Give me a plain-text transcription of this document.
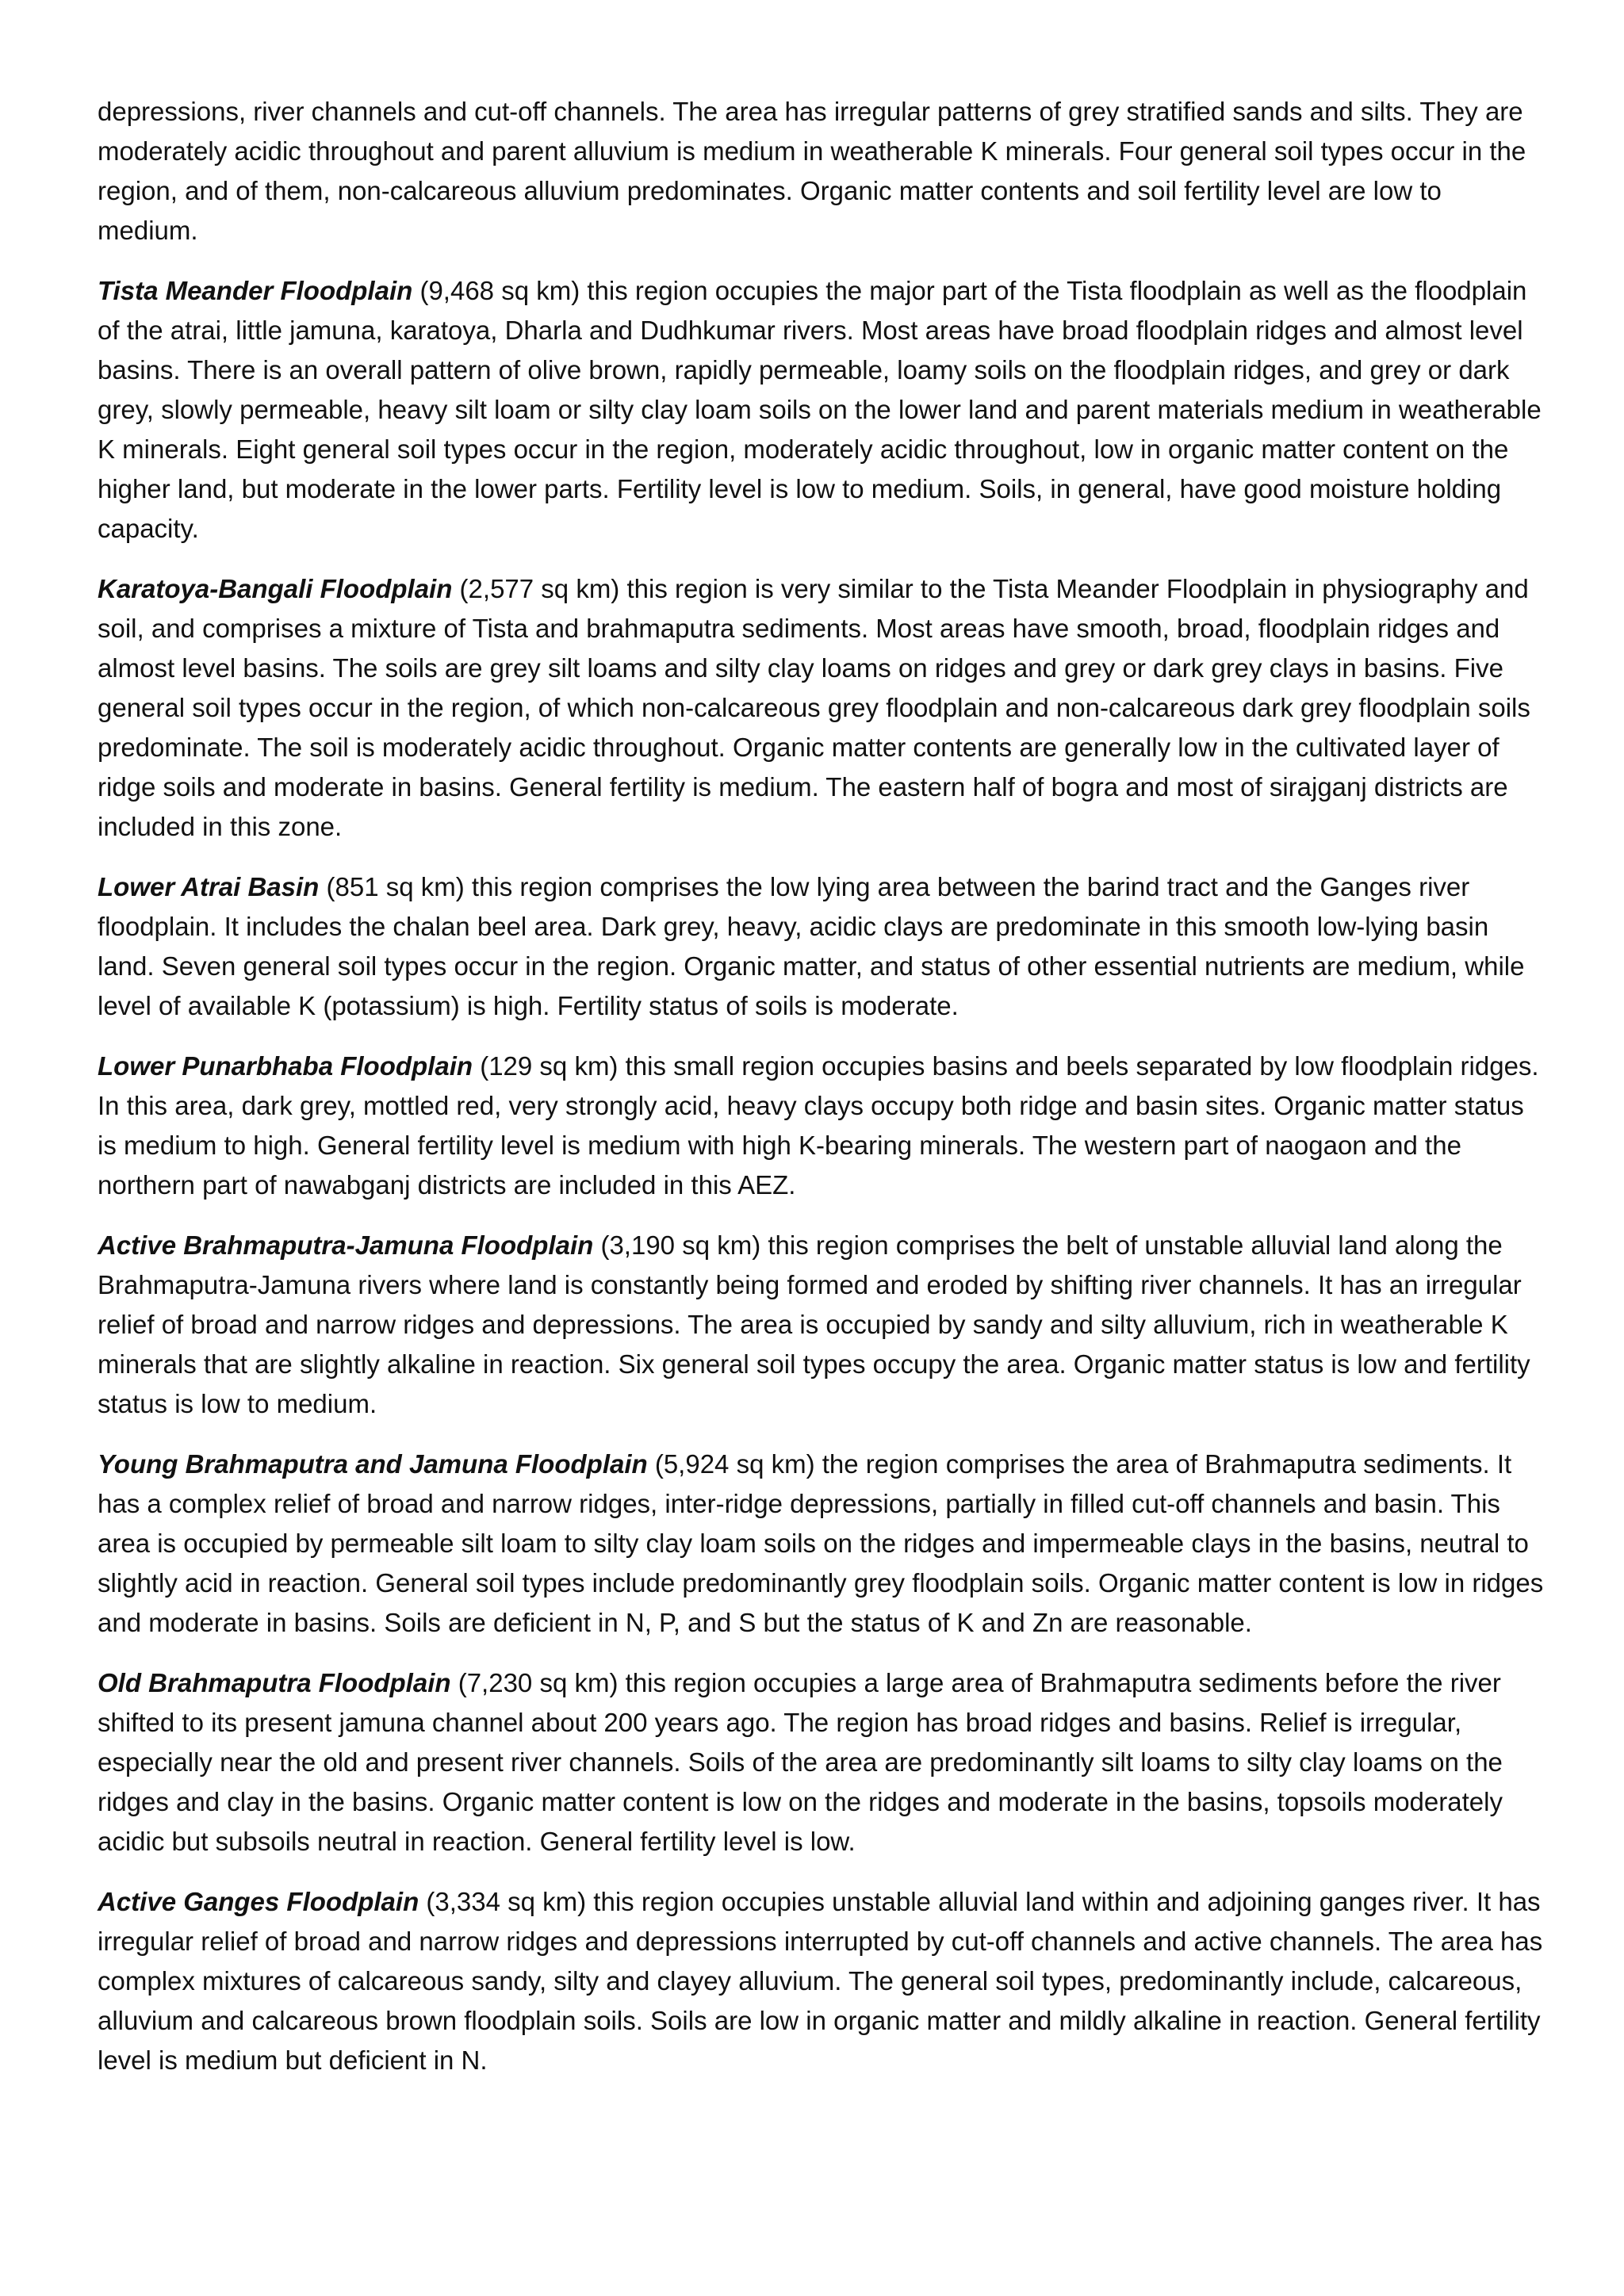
depressions, river channels and cut-off channels. The area has irregular patterns of grey stratified sands and silts. They are moderately acidic throughout and parent alluvium is medium in weatherable K minerals. Four general soil types occur in the region, and of them, non-calcareous alluvium predominates. Organic matter contents and soil fertility level are low to medium.

Tista Meander Floodplain (9,468 sq km) this region occupies the major part of the Tista floodplain as well as the floodplain of the atrai, little jamuna, karatoya, Dharla and Dudhkumar rivers. Most areas have broad floodplain ridges and almost level basins. There is an overall pattern of olive brown, rapidly permeable, loamy soils on the floodplain ridges, and grey or dark grey, slowly permeable, heavy silt loam or silty clay loam soils on the lower land and parent materials medium in weatherable K minerals. Eight general soil types occur in the region, moderately acidic throughout, low in organic matter content on the higher land, but moderate in the lower parts. Fertility level is low to medium. Soils, in general, have good moisture holding capacity.

Karatoya-Bangali Floodplain (2,577 sq km) this region is very similar to the Tista Meander Floodplain in physiography and soil, and comprises a mixture of Tista and brahmaputra sediments. Most areas have smooth, broad, floodplain ridges and almost level basins. The soils are grey silt loams and silty clay loams on ridges and grey or dark grey clays in basins. Five general soil types occur in the region, of which non-calcareous grey floodplain and non-calcareous dark grey floodplain soils predominate. The soil is moderately acidic throughout. Organic matter contents are generally low in the cultivated layer of ridge soils and moderate in basins. General fertility is medium. The eastern half of bogra and most of sirajganj districts are included in this zone.

Lower Atrai Basin (851 sq km) this region comprises the low lying area between the barind tract and the Ganges river floodplain. It includes the chalan beel area. Dark grey, heavy, acidic clays are predominate in this smooth low-lying basin land. Seven general soil types occur in the region. Organic matter, and status of other essential nutrients are medium, while level of available K (potassium) is high. Fertility status of soils is moderate.

Lower Punarbhaba Floodplain (129 sq km) this small region occupies basins and beels separated by low floodplain ridges. In this area, dark grey, mottled red, very strongly acid, heavy clays occupy both ridge and basin sites. Organic matter status is medium to high. General fertility level is medium with high K-bearing minerals. The western part of naogaon and the northern part of nawabganj districts are included in this AEZ.

Active Brahmaputra-Jamuna Floodplain (3,190 sq km) this region comprises the belt of unstable alluvial land along the Brahmaputra-Jamuna rivers where land is constantly being formed and eroded by shifting river channels. It has an irregular relief of broad and narrow ridges and depressions. The area is occupied by sandy and silty alluvium, rich in weatherable K minerals that are slightly alkaline in reaction. Six general soil types occupy the area. Organic matter status is low and fertility status is low to medium.

Young Brahmaputra and Jamuna Floodplain (5,924 sq km) the region comprises the area of Brahmaputra sediments. It has a complex relief of broad and narrow ridges, inter-ridge depressions, partially in filled cut-off channels and basin. This area is occupied by permeable silt loam to silty clay loam soils on the ridges and impermeable clays in the basins, neutral to slightly acid in reaction. General soil types include predominantly grey floodplain soils. Organic matter content is low in ridges and moderate in basins. Soils are deficient in N, P, and S but the status of K and Zn are reasonable.

Old Brahmaputra Floodplain (7,230 sq km) this region occupies a large area of Brahmaputra sediments before the river shifted to its present jamuna channel about 200 years ago. The region has broad ridges and basins. Relief is irregular, especially near the old and present river channels. Soils of the area are predominantly silt loams to silty clay loams on the ridges and clay in the basins. Organic matter content is low on the ridges and moderate in the basins, topsoils moderately acidic but subsoils neutral in reaction. General fertility level is low.

Active Ganges Floodplain (3,334 sq km) this region occupies unstable alluvial land within and adjoining ganges river. It has irregular relief of broad and narrow ridges and depressions interrupted by cut-off channels and active channels. The area has complex mixtures of calcareous sandy, silty and clayey alluvium. The general soil types, predominantly include, calcareous, alluvium and calcareous brown floodplain soils. Soils are low in organic matter and mildly alkaline in reaction. General fertility level is medium but deficient in N.
